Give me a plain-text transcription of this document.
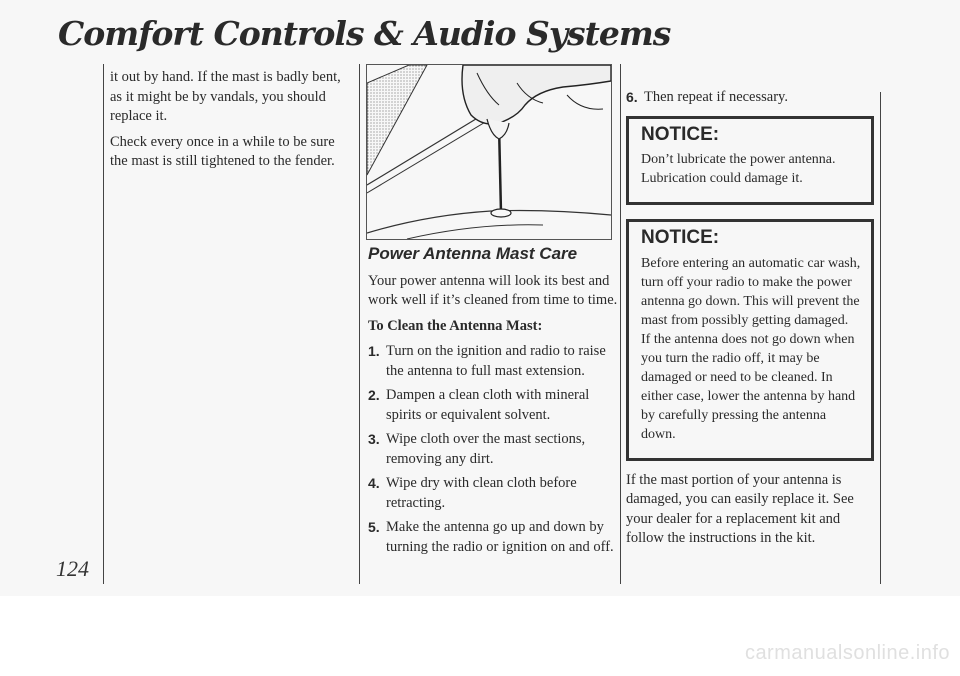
Comfort Controls & Audio Systems

it out by hand. If the mast is badly bent, as it might be by vandals, you should replace it.

Check every once in a while to be sure the mast is still tightened to the fender.

Power Antenna Mast Care

Your power antenna will look its best and work well if it’s cleaned from time to time.

To Clean the Antenna Mast:

1. Turn on the ignition and radio to raise the antenna to full mast extension.
2. Dampen a clean cloth with mineral spirits or equivalent solvent.
3. Wipe cloth over the mast sections, removing any dirt.
4. Wipe dry with clean cloth before retracting.
5. Make the antenna go up and down by turning the radio or ignition on and off.
6. Then repeat if necessary.

NOTICE:

Don’t lubricate the power antenna. Lubrication could damage it.

NOTICE:

Before entering an automatic car wash, turn off your radio to make the power antenna go down. This will prevent the mast from possibly getting damaged. If the antenna does not go down when you turn the radio off, it may be damaged or need to be cleaned. In either case, lower the antenna by hand by carefully pressing the antenna down.

If the mast portion of your antenna is damaged, you can easily replace it. See your dealer for a replacement kit and follow the instructions in the kit.

124
carmanualsonline.info
